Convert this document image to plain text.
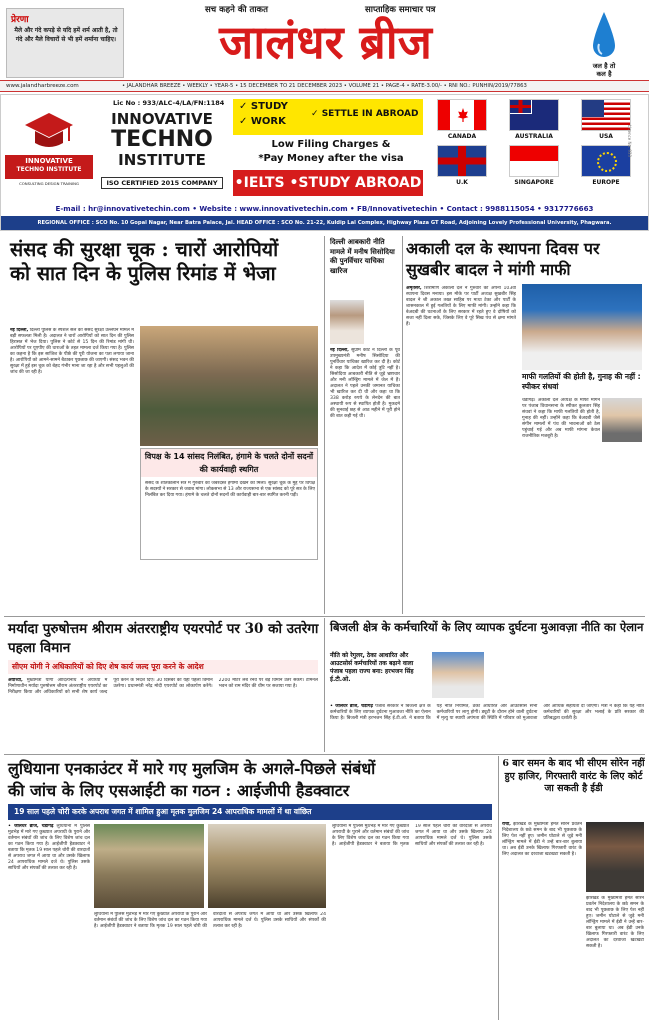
प्रेरणा
मैले और गंदे कपड़े से यदि हमें शर्म आती है, तो गंदे और मैले विचारों से भी हमें शर्माना चाहिए।
सच कहने की ताकत	साप्ताहिक समाचार पत्र
जालंधर ब्रीज	जल है तो
कल है
www.jalandharbreeze.com	• JALANDHAR BREEZE • WEEKLY • YEAR-5 • 15 DECEMBER TO 21 DECEMBER 2023 • VOLUME 21 • PAGE-4 • RATE-3.00/- • RNI NO.: PUNHIN/2019/77863
Lic No : 933/ALC-4/LA/FN:1184
INNOVATIVE
TECHNO INSTITUTE
CONSULTING DESIGN TRAINING
INNOVATIVE
TECHNO
INSTITUTE
ISO CERTIFIED 2015 COMPANY
✓ STUDY
✓ WORK
✓ SETTLE IN ABROAD
Low Filing Charges &
*Pay Money after the visa
•IELTS •STUDY ABROAD
CANADA	AUSTRALIA	USA
U.K	SINGAPORE	EUROPE
Licence No. 933
E-mail : hr@innovativetechin.com • Website : www.innovativetechin.com • FB/Innovativetechin • Contact : 9988115054 • 9317776663
REGIONAL OFFICE : SCO No. 10 Gopal Nagar, Near Batra Palace, Jal. HEAD OFFICE : SCO No. 21-22, Kuldip Lal Complex, Highway Plaza GT Road, Adjoining Lovely Professional University, Phagwara.
संसद की सुरक्षा चूक : चारों आरोपियों
को सात दिन के पुलिस रिमांड में भेजा
नई दिल्ली, दिल्ली पुलिस के स्पेशल सेल को संसद सुरक्षा उल्लंघन मामले में बड़ी सफलता मिली है। अदालत ने चारों आरोपियों को सात दिन की पुलिस हिरासत में भेज दिया। पुलिस ने कोर्ट से 15 दिन की रिमांड मांगी थी। आरोपियों पर यूएपीए की धाराओं के तहत मामला दर्ज किया गया है। पुलिस का कहना है कि इस साजिश के पीछे की पूरी योजना का पता लगाया जाना है। आरोपियों को आमने-सामने बैठाकर पूछताछ की जाएगी। संसद भवन की सुरक्षा में हुई इस चूक को बेहद गंभीर माना जा रहा है और सभी पहलुओं की जांच की जा रही है।
विपक्ष के 14 सांसद निलंबित, हंगामे के चलते दोनों सदनों की कार्यवाही स्थगित
संसद के शीतकालीन सत्र में गुरुवार को जबरदस्त हंगामा देखने को मिला। सुरक्षा चूक के मुद्दे पर विपक्ष के सदस्यों ने सरकार से जवाब मांगा। लोकसभा से 13 और राज्यसभा से एक सांसद को पूरे सत्र के लिए निलंबित कर दिया गया। हंगामे के चलते दोनों सदनों की कार्यवाही बार-बार स्थगित करनी पड़ी।
दिल्ली आबकारी नीति मामले में मनीष सिसोदिया की पुनर्विचार याचिका खारिज
नई दिल्ली, सुप्रीम कोर्ट ने दिल्ली के पूर्व उपमुख्यमंत्री मनीष सिसोदिया की पुनर्विचार याचिका खारिज कर दी है। कोर्ट ने कहा कि आदेश में कोई त्रुटि नहीं है। सिसोदिया आबकारी नीति से जुड़े भ्रष्टाचार और मनी लॉन्ड्रिंग मामले में जेल में हैं। अदालत ने पहले उनकी जमानत याचिका भी खारिज कर दी थी और कहा था कि 338 करोड़ रुपये के लेनदेन की बात अस्थायी रूप से स्थापित होती है। मुकदमे की सुनवाई छह से आठ महीने में पूरी होने की बात कही गई थी।
अकाली दल के स्थापना दिवस पर सुखबीर बादल ने मांगी माफी
अमृतसर, शिरोमणि अकाली दल ने गुरुवार को अपना 103वां स्थापना दिवस मनाया। इस मौके पर पार्टी अध्यक्ष सुखबीर सिंह बादल ने श्री अकाल तख्त साहिब पर माथा टेका और पार्टी के शासनकाल में हुई गलतियों के लिए माफी मांगी। उन्होंने कहा कि बेअदबी की घटनाओं के लिए सरकार में रहते हुए वे दोषियों को सजा नहीं दिला सके, जिसके लिए वे पूरे सिख पंथ से क्षमा मांगते हैं।
माफी गलतियों की होती है, गुनाह की नहीं : स्पीकर संधवां
चंडीगढ़। अकाली दल अध्यक्ष के माफी मांगने पर पंजाब विधानसभा के स्पीकर कुलतार सिंह संधवां ने कहा कि माफी गलतियों की होती है, गुनाह की नहीं। उन्होंने कहा कि बेअदबी जैसे संगीन मामलों में पंथ की भावनाओं को ठेस पहुंचाई गई और अब माफी मांगना केवल राजनीतिक मजबूरी है।
मर्यादा पुरुषोत्तम श्रीराम अंतरराष्ट्रीय एयरपोर्ट पर 30 को उतरेगा पहला विमान
सीएम योगी ने अधिकारियों को दिए शेष कार्य जल्द पूरा करने के आदेश
अयोध्या, मुख्यमंत्री योगी आदित्यनाथ ने अयोध्या में निर्माणाधीन मर्यादा पुरुषोत्तम श्रीराम अंतरराष्ट्रीय एयरपोर्ट का निरीक्षण किया और अधिकारियों को सभी शेष कार्य जल्द पूरा करने के निर्देश दिए। 30 दिसंबर को यहां पहला विमान उतरेगा। प्रधानमंत्री नरेंद्र मोदी एयरपोर्ट का लोकार्पण करेंगे। 2200 मीटर लंबे रनवे पर बड़े विमान उतर सकेंगे। टर्मिनल भवन को राम मंदिर की थीम पर सजाया गया है।
बिजली क्षेत्र के कर्मचारियों के लिए व्यापक दुर्घटना मुआवज़ा नीति का ऐलान
नीति को रेगुलर, ठेका आधारित और आउटसोर्स कर्मचारियों तक बढ़ाने वाला पंजाब पहला राज्य बना: हरभजन सिंह ई.टी.ओ.
• जालंधर ब्रीज, चंडीगढ़ पंजाब सरकार ने बिजली क्षेत्र के कर्मचारियों के लिए व्यापक दुर्घटना मुआवजा नीति का ऐलान किया है। बिजली मंत्री हरभजन सिंह ई.टी.ओ. ने बताया कि यह नीति नियमित, ठेका आधारित और आउटसोर्स सभी कर्मचारियों पर लागू होगी। ड्यूटी के दौरान होने वाली दुर्घटना में मृत्यु या स्थायी अपंगता की स्थिति में परिवार को मुआवजा और आर्थिक सहायता दी जाएगी। मंत्री ने कहा कि यह नीति कर्मचारियों की सुरक्षा और भलाई के प्रति सरकार की प्रतिबद्धता दर्शाती है।
लुधियाना एनकाउंटर में मारे गए मुलजिम के अगले-पिछले संबंधों
की जांच के लिए एसआईटी का गठन : आईजीपी हैडक्वाटर
19 साल पहले चोरी करके अपराध जगत में शामिल हुआ मृतक मुलजिम 24 आपराधिक मामलों में था वांछित
• जालंधर ब्रीज, चंडीगढ़ लुधियाना में पुलिस मुठभेड़ में मारे गए कुख्यात अपराधी के पुराने और वर्तमान संबंधों की जांच के लिए विशेष जांच दल का गठन किया गया है। आईजीपी हैडक्वाटर ने बताया कि मृतक 19 साल पहले चोरी की वारदातों से अपराध जगत में आया था और उसके खिलाफ 24 आपराधिक मामले दर्ज थे। पुलिस उसके साथियों और संपर्कों की तलाश कर रही है।
लुधियाना में पुलिस मुठभेड़ में मारे गए कुख्यात अपराधी के पुराने और वर्तमान संबंधों की जांच के लिए विशेष जांच दल का गठन किया गया है। आईजीपी हैडक्वाटर ने बताया कि मृतक 19 साल पहले चोरी की वारदातों से अपराध जगत में आया था और उसके खिलाफ 24 आपराधिक मामले दर्ज थे। पुलिस उसके साथियों और संपर्कों की तलाश कर रही है।
लुधियाना में पुलिस मुठभेड़ में मारे गए कुख्यात अपराधी के पुराने और वर्तमान संबंधों की जांच के लिए विशेष जांच दल का गठन किया गया है। आईजीपी हैडक्वाटर ने बताया कि मृतक 19 साल पहले चोरी की वारदातों से अपराध जगत में आया था और उसके खिलाफ 24 आपराधिक मामले दर्ज थे। पुलिस उसके साथियों और संपर्कों की तलाश कर रही है।
6 बार समन के बाद भी सीएम सोरेन नहीं हुए हाजिर, गिरफ्तारी वारंट के लिए कोर्ट जा सकती है ईडी
रांची, झारखंड के मुख्यमंत्री हेमंत सोरेन प्रवर्तन निदेशालय के छठे समन के बाद भी पूछताछ के लिए पेश नहीं हुए। जमीन घोटाले से जुड़े मनी लॉन्ड्रिंग मामले में ईडी ने उन्हें बार-बार बुलाया था। अब ईडी उनके खिलाफ गिरफ्तारी वारंट के लिए अदालत का दरवाजा खटखटा सकती है।
झारखंड के मुख्यमंत्री हेमंत सोरेन प्रवर्तन निदेशालय के छठे समन के बाद भी पूछताछ के लिए पेश नहीं हुए। जमीन घोटाले से जुड़े मनी लॉन्ड्रिंग मामले में ईडी ने उन्हें बार-बार बुलाया था। अब ईडी उनके खिलाफ गिरफ्तारी वारंट के लिए अदालत का दरवाजा खटखटा सकती है।
